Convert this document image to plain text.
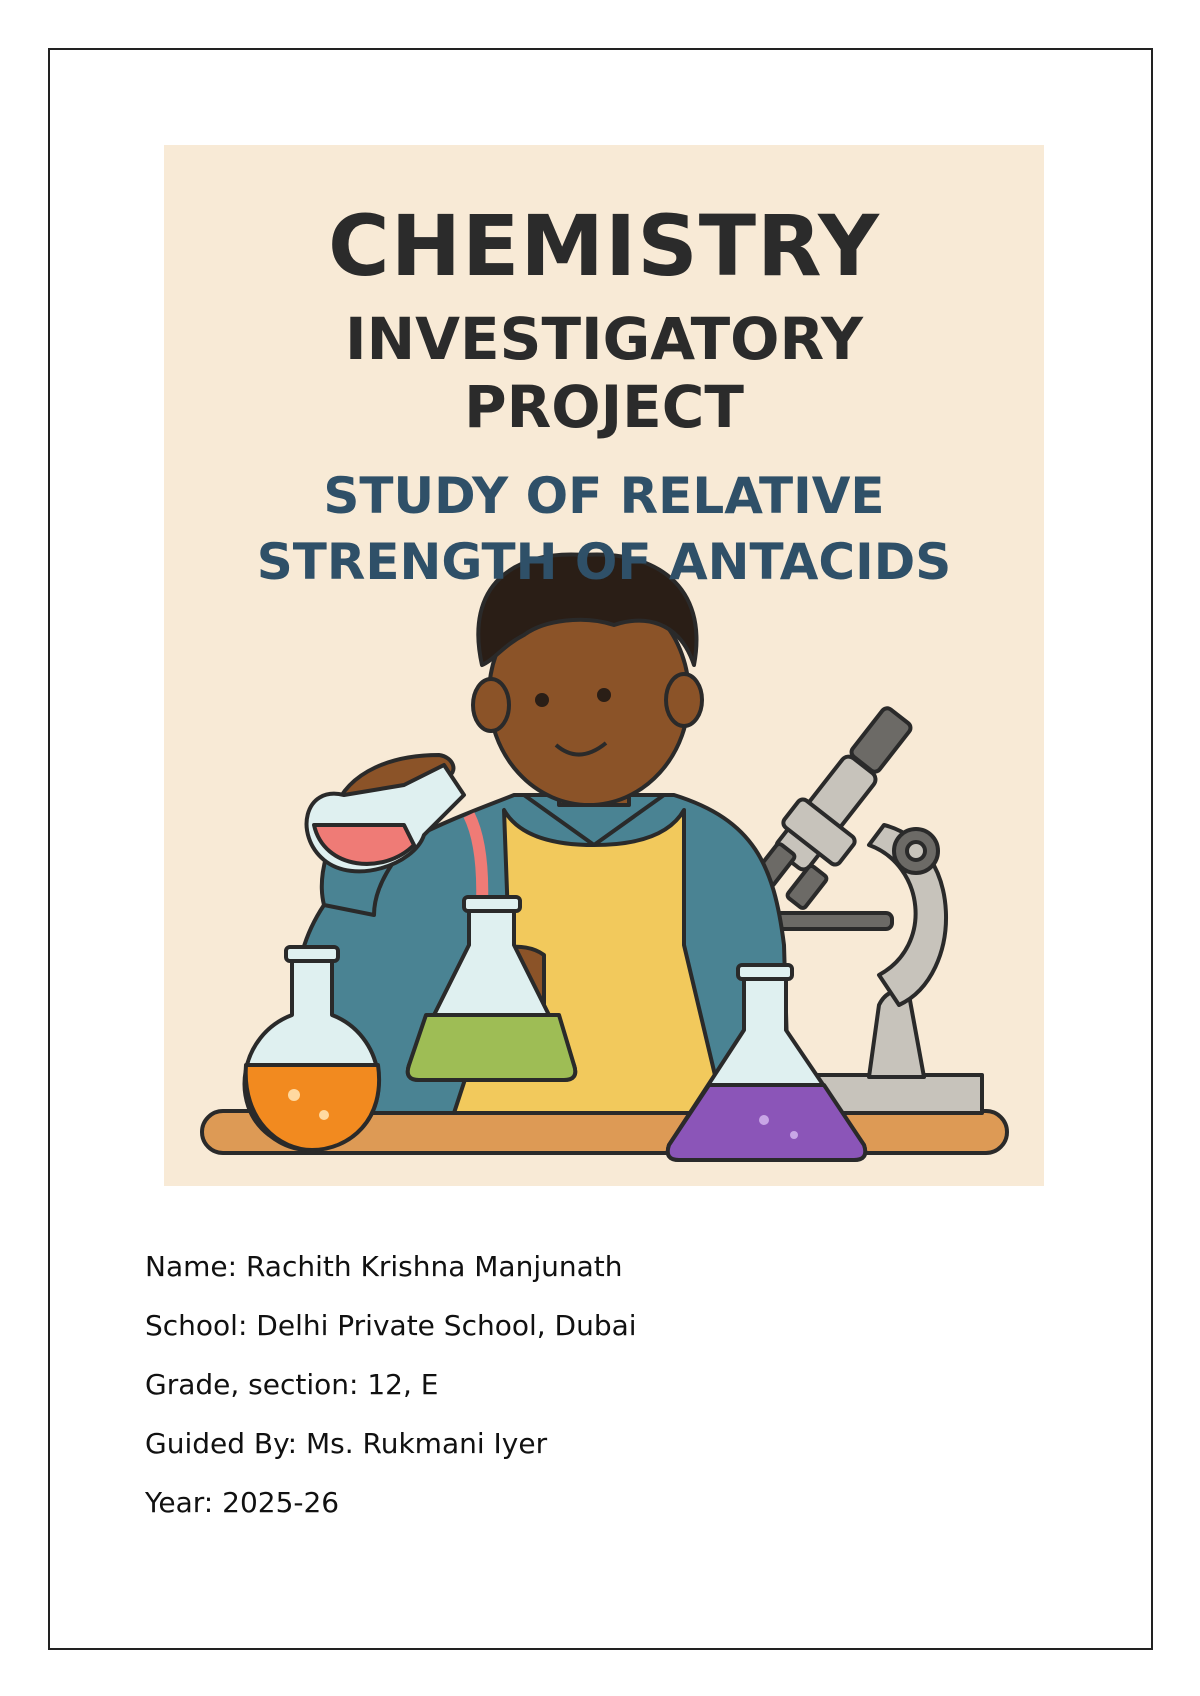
CHEMISTRY
INVESTIGATORY
PROJECT
STUDY OF RELATIVE
STRENGTH OF ANTACIDS
Name: Rachith Krishna Manjunath
School: Delhi Private School, Dubai
Grade, section: 12, E
Guided By: Ms. Rukmani Iyer
Year: 2025-26
